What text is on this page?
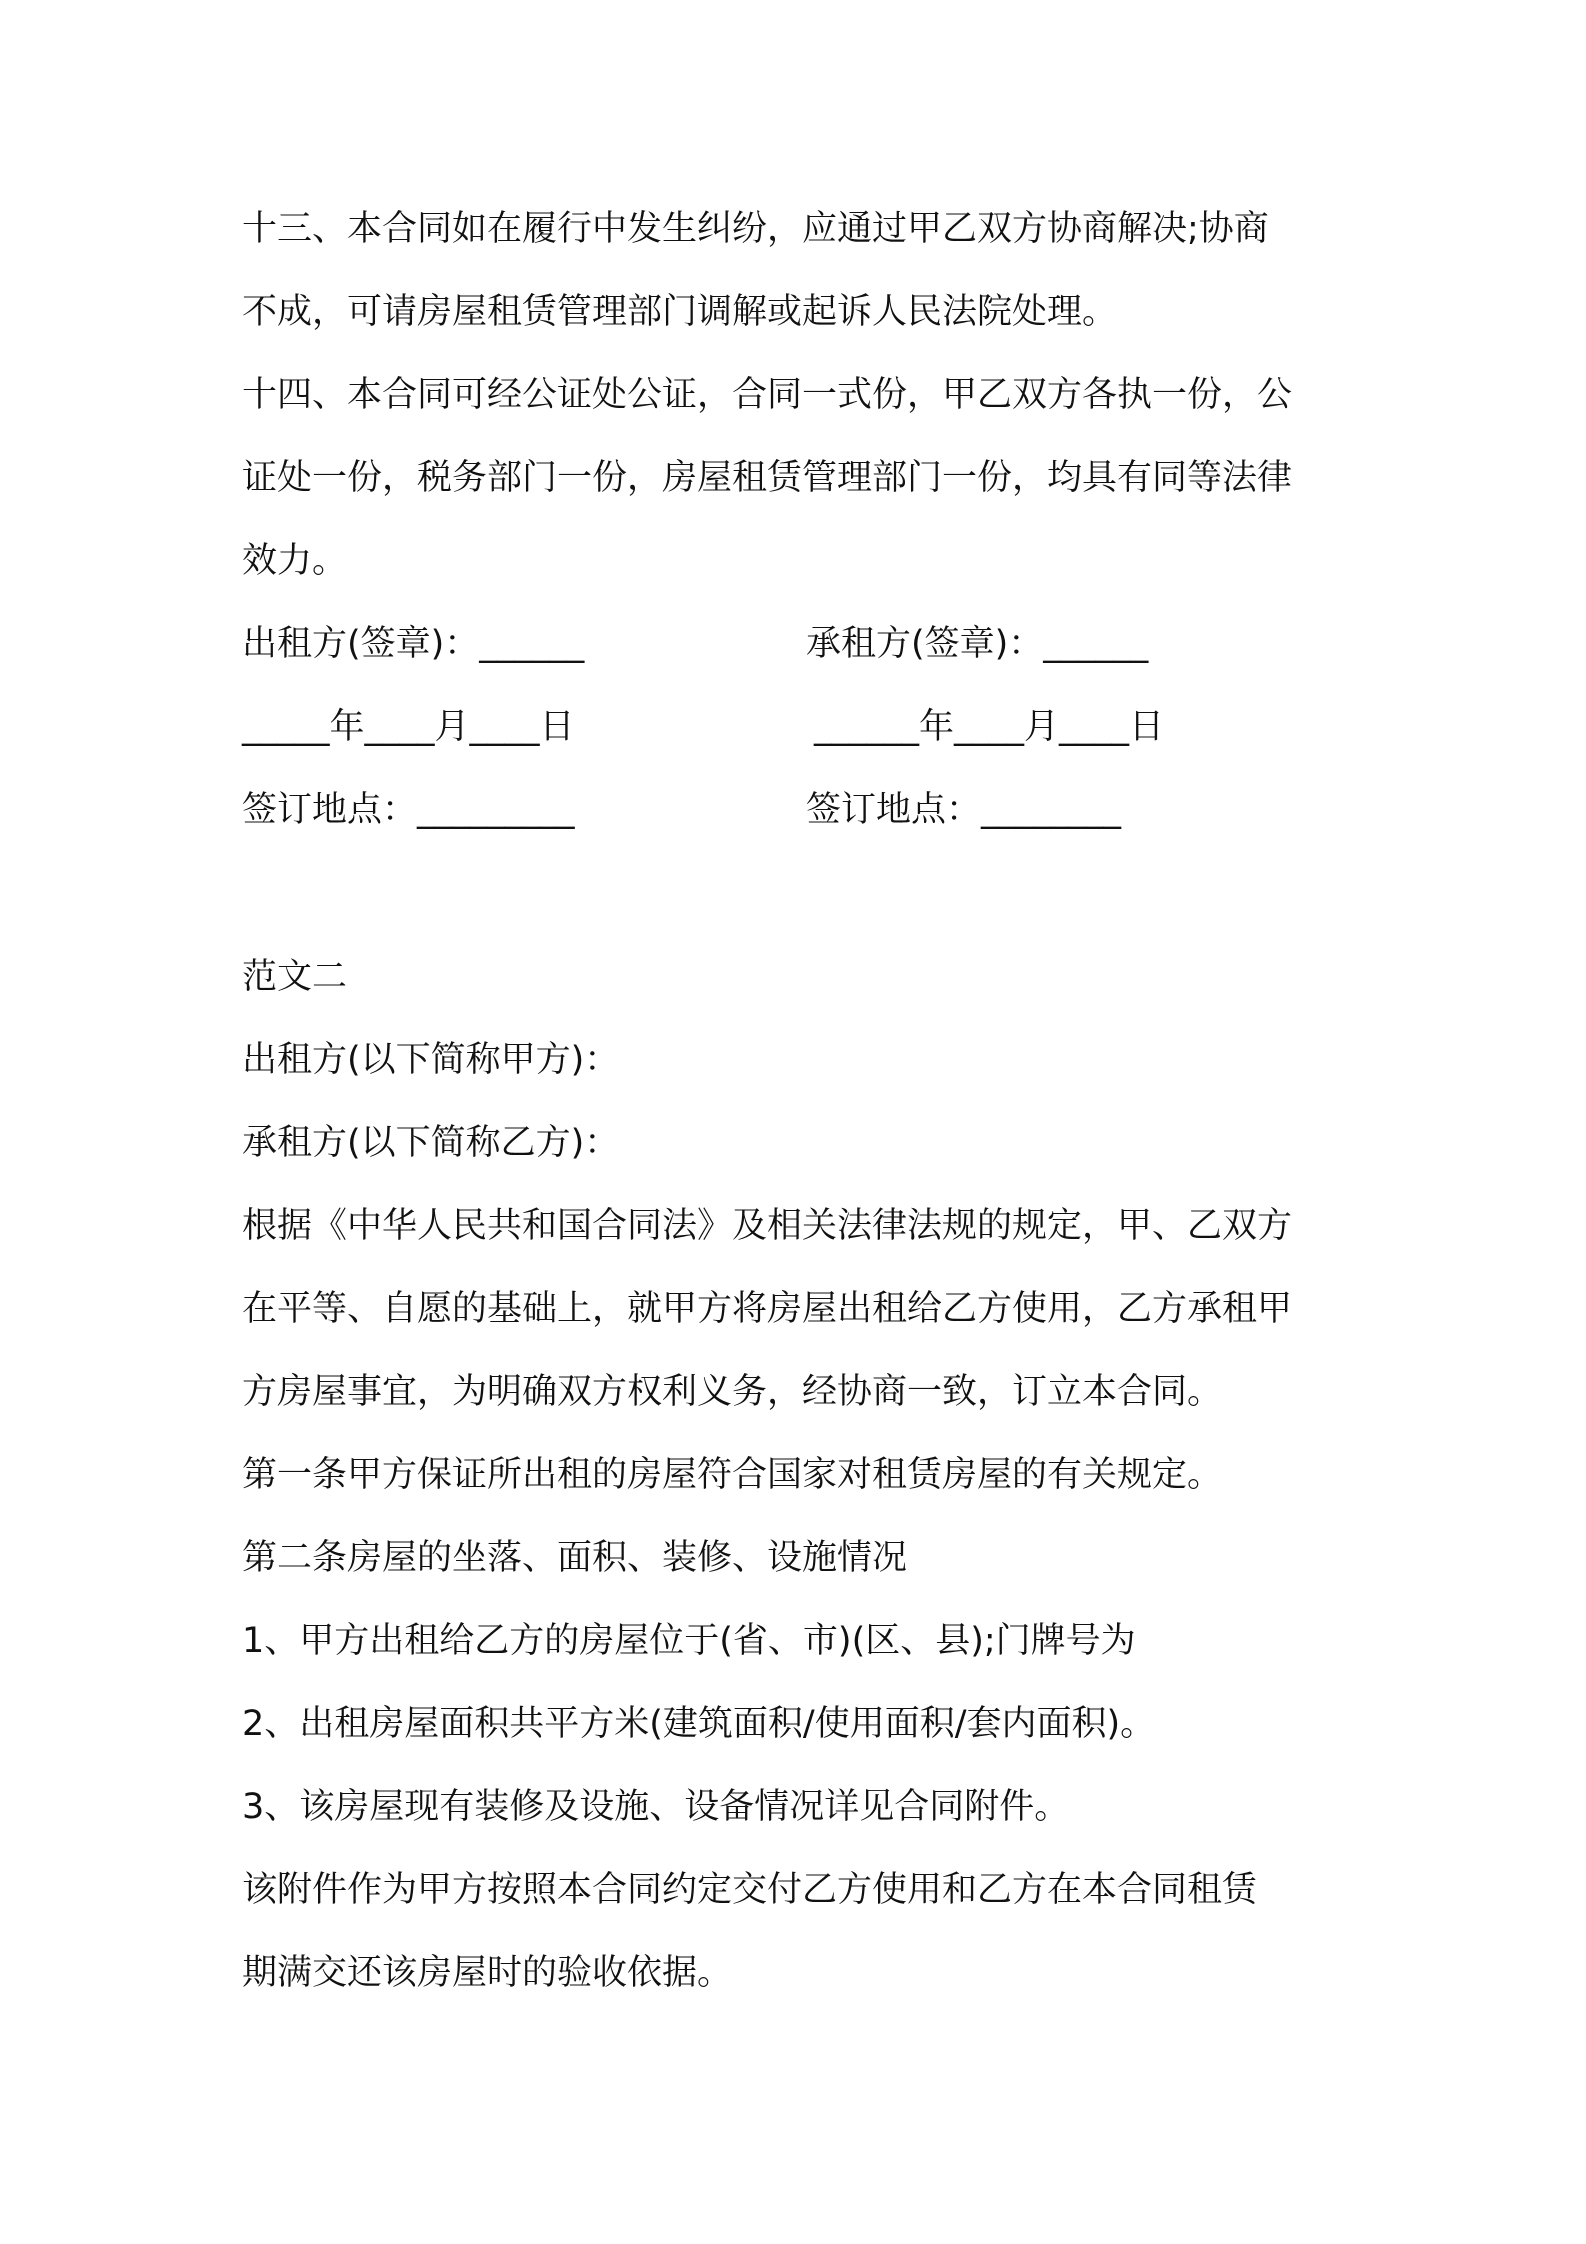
十三、本合同如在履行中发生纠纷，应通过甲乙双方协商解决;协商
不成，可请房屋租赁管理部门调解或起诉人民法院处理。
十四、本合同可经公证处公证，合同一式份，甲乙双方各执一份，公
证处一份，税务部门一份，房屋租赁管理部门一份，均具有同等法律
效力。
出租方(签章)：______	承租方(签章)：______
_____年____月____日	______年____月____日
签订地点：_________	签订地点：________
范文二
出租方(以下简称甲方)：
承租方(以下简称乙方)：
根据《中华人民共和国合同法》及相关法律法规的规定，甲、乙双方
在平等、自愿的基础上，就甲方将房屋出租给乙方使用，乙方承租甲
方房屋事宜，为明确双方权利义务，经协商一致，订立本合同。
第一条甲方保证所出租的房屋符合国家对租赁房屋的有关规定。
第二条房屋的坐落、面积、装修、设施情况
1、甲方出租给乙方的房屋位于(省、市)(区、县);门牌号为
2、出租房屋面积共平方米(建筑面积/使用面积/套内面积)。
3、该房屋现有装修及设施、设备情况详见合同附件。
该附件作为甲方按照本合同约定交付乙方使用和乙方在本合同租赁
期满交还该房屋时的验收依据。
